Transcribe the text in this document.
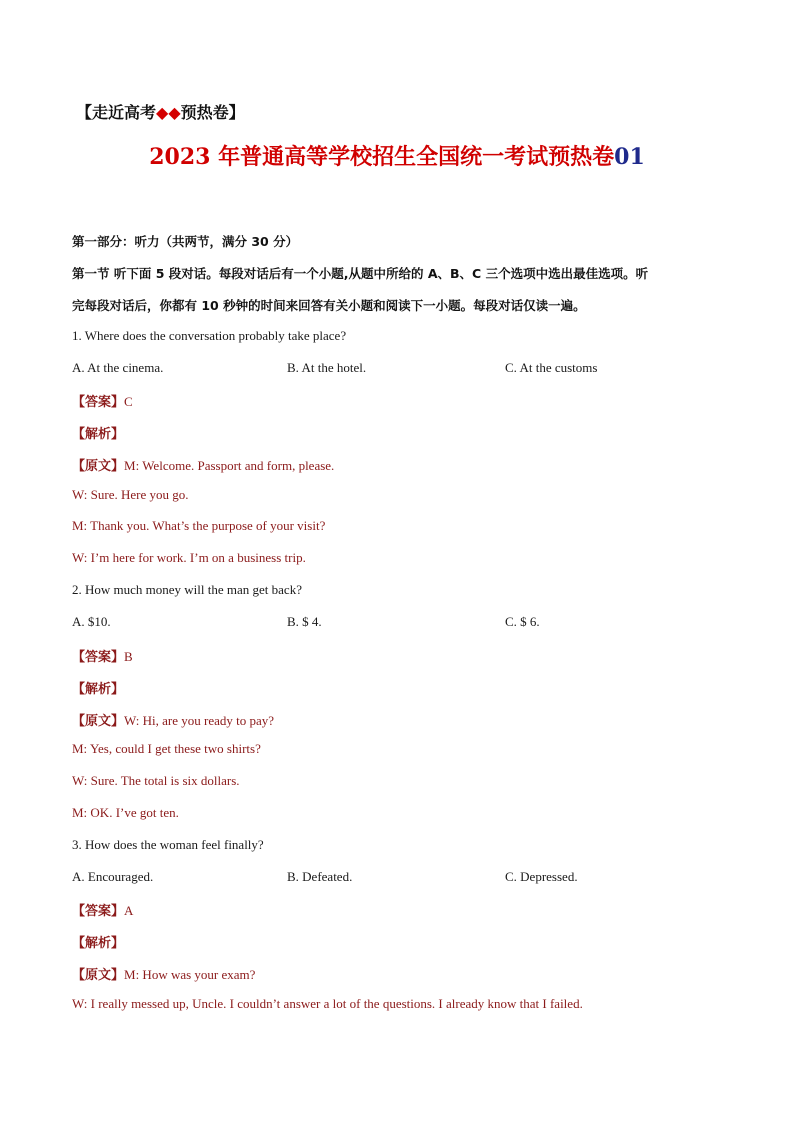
【走近高考◆◆预热卷】
2023 年普通高等学校招生全国统一考试预热卷01
第一部分：听力（共两节，满分 30 分）
第一节 听下面 5 段对话。每段对话后有一个小题,从题中所给的 A、B、C 三个选项中选出最佳选项。听
完每段对话后，你都有 10 秒钟的时间来回答有关小题和阅读下一小题。每段对话仅读一遍。
1. Where does the conversation probably take place?
A. At the cinema.	B. At the hotel.	C. At the customs
【答案】C
【解析】
【原文】M: Welcome. Passport and form, please.
W: Sure. Here you go.
M: Thank you. What’s the purpose of your visit?
W: I’m here for work. I’m on a business trip.
2. How much money will the man get back?
A. $10.	B. $ 4.	C. $ 6.
【答案】B
【解析】
【原文】W: Hi, are you ready to pay?
M: Yes, could I get these two shirts?
W: Sure. The total is six dollars.
M: OK. I’ve got ten.
3. How does the woman feel finally?
A. Encouraged.	B. Defeated.	C. Depressed.
【答案】A
【解析】
【原文】M: How was your exam?
W: I really messed up, Uncle. I couldn’t answer a lot of the questions. I already know that I failed.
